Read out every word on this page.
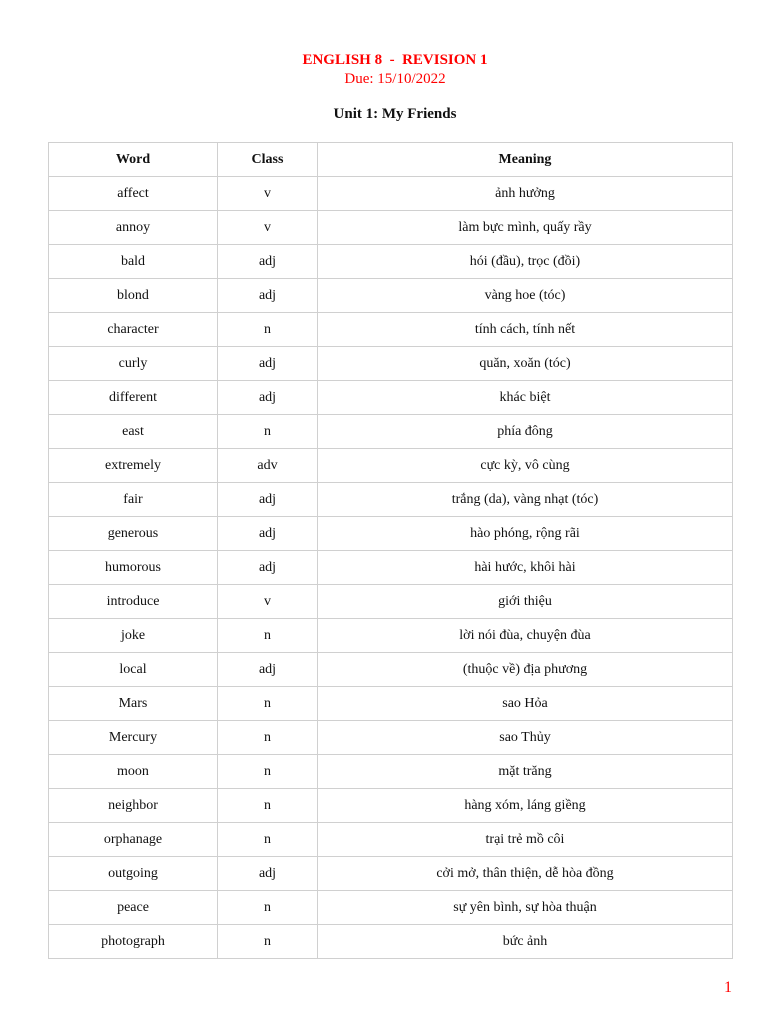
ENGLISH 8  -  REVISION 1
Due: 15/10/2022
Unit 1: My Friends
Word	Class	Meaning
affect	v	ảnh hưởng
annoy	v	làm bực mình, quấy rầy
bald	adj	hói (đầu), trọc (đồi)
blond	adj	vàng hoe (tóc)
character	n	tính cách, tính nết
curly	adj	quăn, xoăn (tóc)
different	adj	khác biệt
east	n	phía đông
extremely	adv	cực kỳ, vô cùng
fair	adj	trắng (da), vàng nhạt (tóc)
generous	adj	hào phóng, rộng rãi
humorous	adj	hài hước, khôi hài
introduce	v	giới thiệu
joke	n	lời nói đùa, chuyện đùa
local	adj	(thuộc về) địa phương
Mars	n	sao Hỏa
Mercury	n	sao Thủy
moon	n	mặt trăng
neighbor	n	hàng xóm, láng giềng
orphanage	n	trại trẻ mồ côi
outgoing	adj	cởi mở, thân thiện, dễ hòa đồng
peace	n	sự yên bình, sự hòa thuận
photograph	n	bức ảnh
1
